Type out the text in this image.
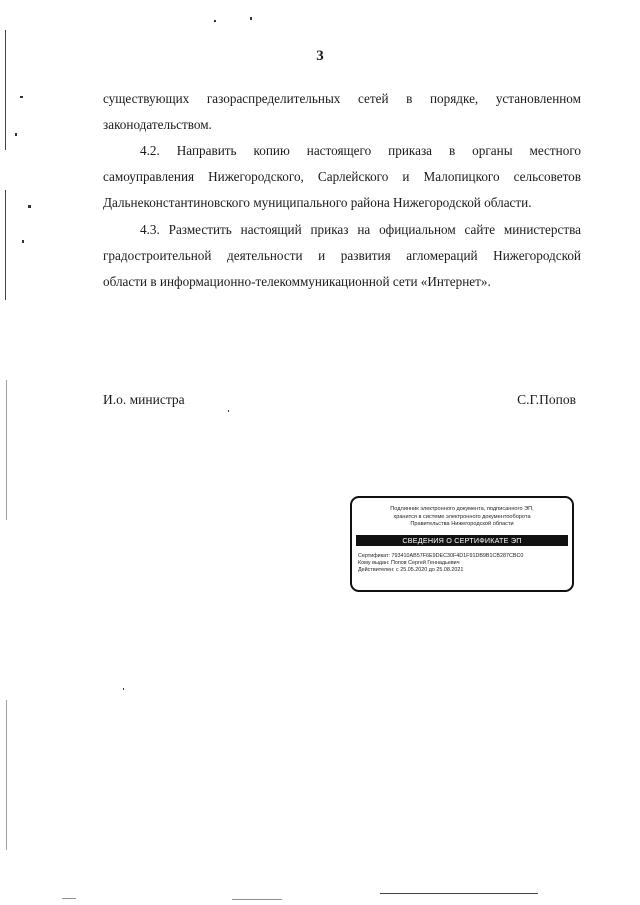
3
существующих газораспределительных сетей в порядке, установленном
законодательством.
4.2. Направить копию настоящего приказа в органы местного
самоуправления Нижегородского, Сарлейского и Малопицкого сельсоветов
Дальнеконстантиновского муниципального района Нижегородской области.
4.3. Разместить настоящий приказ на официальном сайте министерства
градостроительной деятельности и развития агломераций Нижегородской
области в информационно-телекоммуникационной сети «Интернет».
И.о. министра	С.Г.Попов
Подлинник электронного документа, подписанного ЭП,
хранится в системе электронного документооборота
Правительства Нижегородской области
СВЕДЕНИЯ О СЕРТИФИКАТЕ ЭП
Сертификат: 793410AB57F6E9DEC30F4D1F91DB9B1CB287CBC0
Кому выдан: Попов Сергей Геннадьевич
Действителен: с 25.05.2020 до 25.08.2021
